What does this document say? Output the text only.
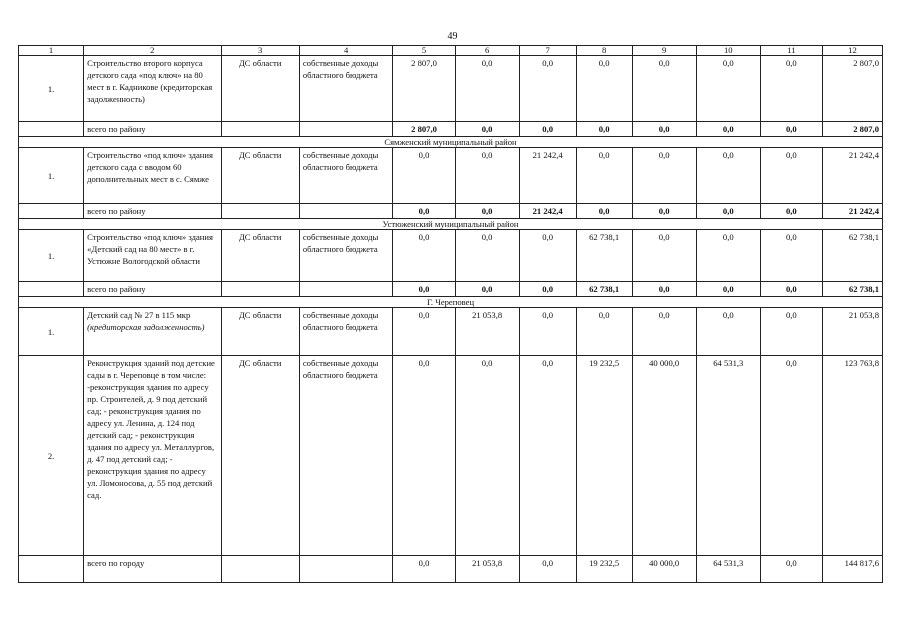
49
1	2	3	4	5	6	7	8	9	10	11	12
1.	Строительство второго корпуса детского сада «под ключ» на 80 мест в г. Кадникове (кредиторская задолженность)	ДС области	собственные доходы областного бюджета	2 807,0	0,0	0,0	0,0	0,0	0,0	0,0	2 807,0
	всего по району			2 807,0	0,0	0,0	0,0	0,0	0,0	0,0	2 807,0
Сямженский муниципальный район											
1.	Строительство «под ключ» здания детского сада с вводом 60 дополнительных мест в с. Сямже	ДС области	собственные доходы областного бюджета	0,0	0,0	21 242,4	0,0	0,0	0,0	0,0	21 242,4
	всего по району			0,0	0,0	21 242,4	0,0	0,0	0,0	0,0	21 242,4
Устюженский муниципальный район											
1.	Строительство «под ключ» здания «Детский сад на 80 мест» в г. Устюжне Вологодской области	ДС области	собственные доходы областного бюджета	0,0	0,0	0,0	62 738,1	0,0	0,0	0,0	62 738,1
	всего по району			0,0	0,0	0,0	62 738,1	0,0	0,0	0,0	62 738,1
Г. Череповец											
1.	Детский сад № 27 в 115 мкр (кредиторская задолженность)	ДС области	собственные доходы областного бюджета	0,0	21 053,8	0,0	0,0	0,0	0,0	0,0	21 053,8
2.	Реконструкция зданий под детские сады в г. Череповце в том числе: -реконструкция здания по адресу пр. Строителей, д. 9 под детский сад; - реконструкция здания по адресу ул. Ленина, д. 124 под детский сад; - реконструкция здания по адресу ул. Металлургов, д. 47 под детский сад; - реконструкция здания по адресу ул. Ломоносова, д. 55 под детский сад.	ДС области	собственные доходы областного бюджета	0,0	0,0	0,0	19 232,5	40 000,0	64 531,3	0,0	123 763,8
	всего по городу			0,0	21 053,8	0,0	19 232,5	40 000,0	64 531,3	0,0	144 817,6
